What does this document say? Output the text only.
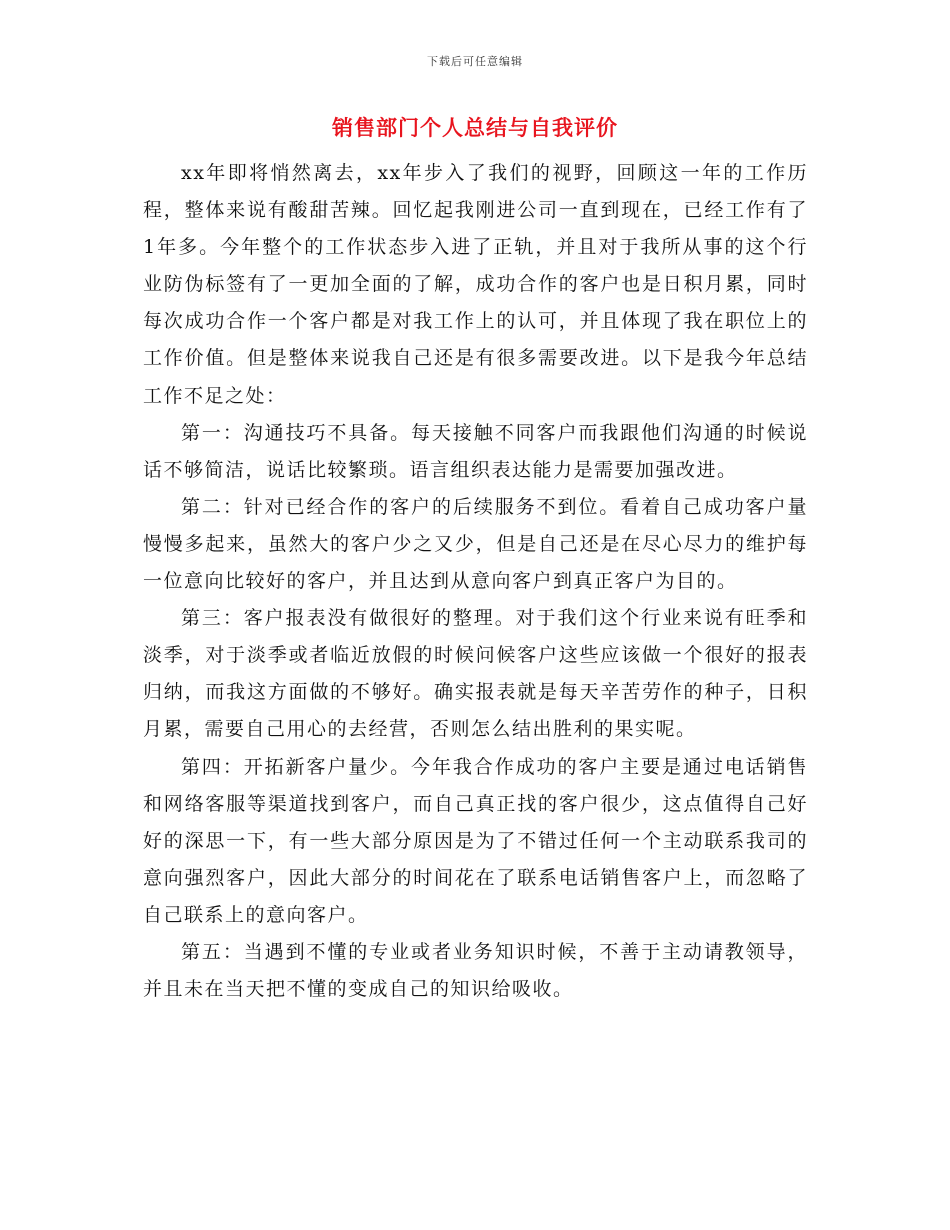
下载后可任意编辑
销售部门个人总结与自我评价

xx年即将悄然离去，xx年步入了我们的视野，回顾这一年的工作历程，整体来说有酸甜苦辣。回忆起我刚进公司一直到现在，已经工作有了1年多。今年整个的工作状态步入进了正轨，并且对于我所从事的这个行业防伪标签有了一更加全面的了解，成功合作的客户也是日积月累，同时每次成功合作一个客户都是对我工作上的认可，并且体现了我在职位上的工作价值。但是整体来说我自己还是有很多需要改进。以下是我今年总结工作不足之处：

第一：沟通技巧不具备。每天接触不同客户而我跟他们沟通的时候说话不够简洁，说话比较繁琐。语言组织表达能力是需要加强改进。

第二：针对已经合作的客户的后续服务不到位。看着自己成功客户量慢慢多起来，虽然大的客户少之又少，但是自己还是在尽心尽力的维护每一位意向比较好的客户，并且达到从意向客户到真正客户为目的。

第三：客户报表没有做很好的整理。对于我们这个行业来说有旺季和淡季，对于淡季或者临近放假的时候问候客户这些应该做一个很好的报表归纳，而我这方面做的不够好。确实报表就是每天辛苦劳作的种子，日积月累，需要自己用心的去经营，否则怎么结出胜利的果实呢。

第四：开拓新客户量少。今年我合作成功的客户主要是通过电话销售和网络客服等渠道找到客户，而自己真正找的客户很少，这点值得自己好好的深思一下，有一些大部分原因是为了不错过任何一个主动联系我司的意向强烈客户，因此大部分的时间花在了联系电话销售客户上，而忽略了自己联系上的意向客户。

第五：当遇到不懂的专业或者业务知识时候，不善于主动请教领导，并且未在当天把不懂的变成自己的知识给吸收。
